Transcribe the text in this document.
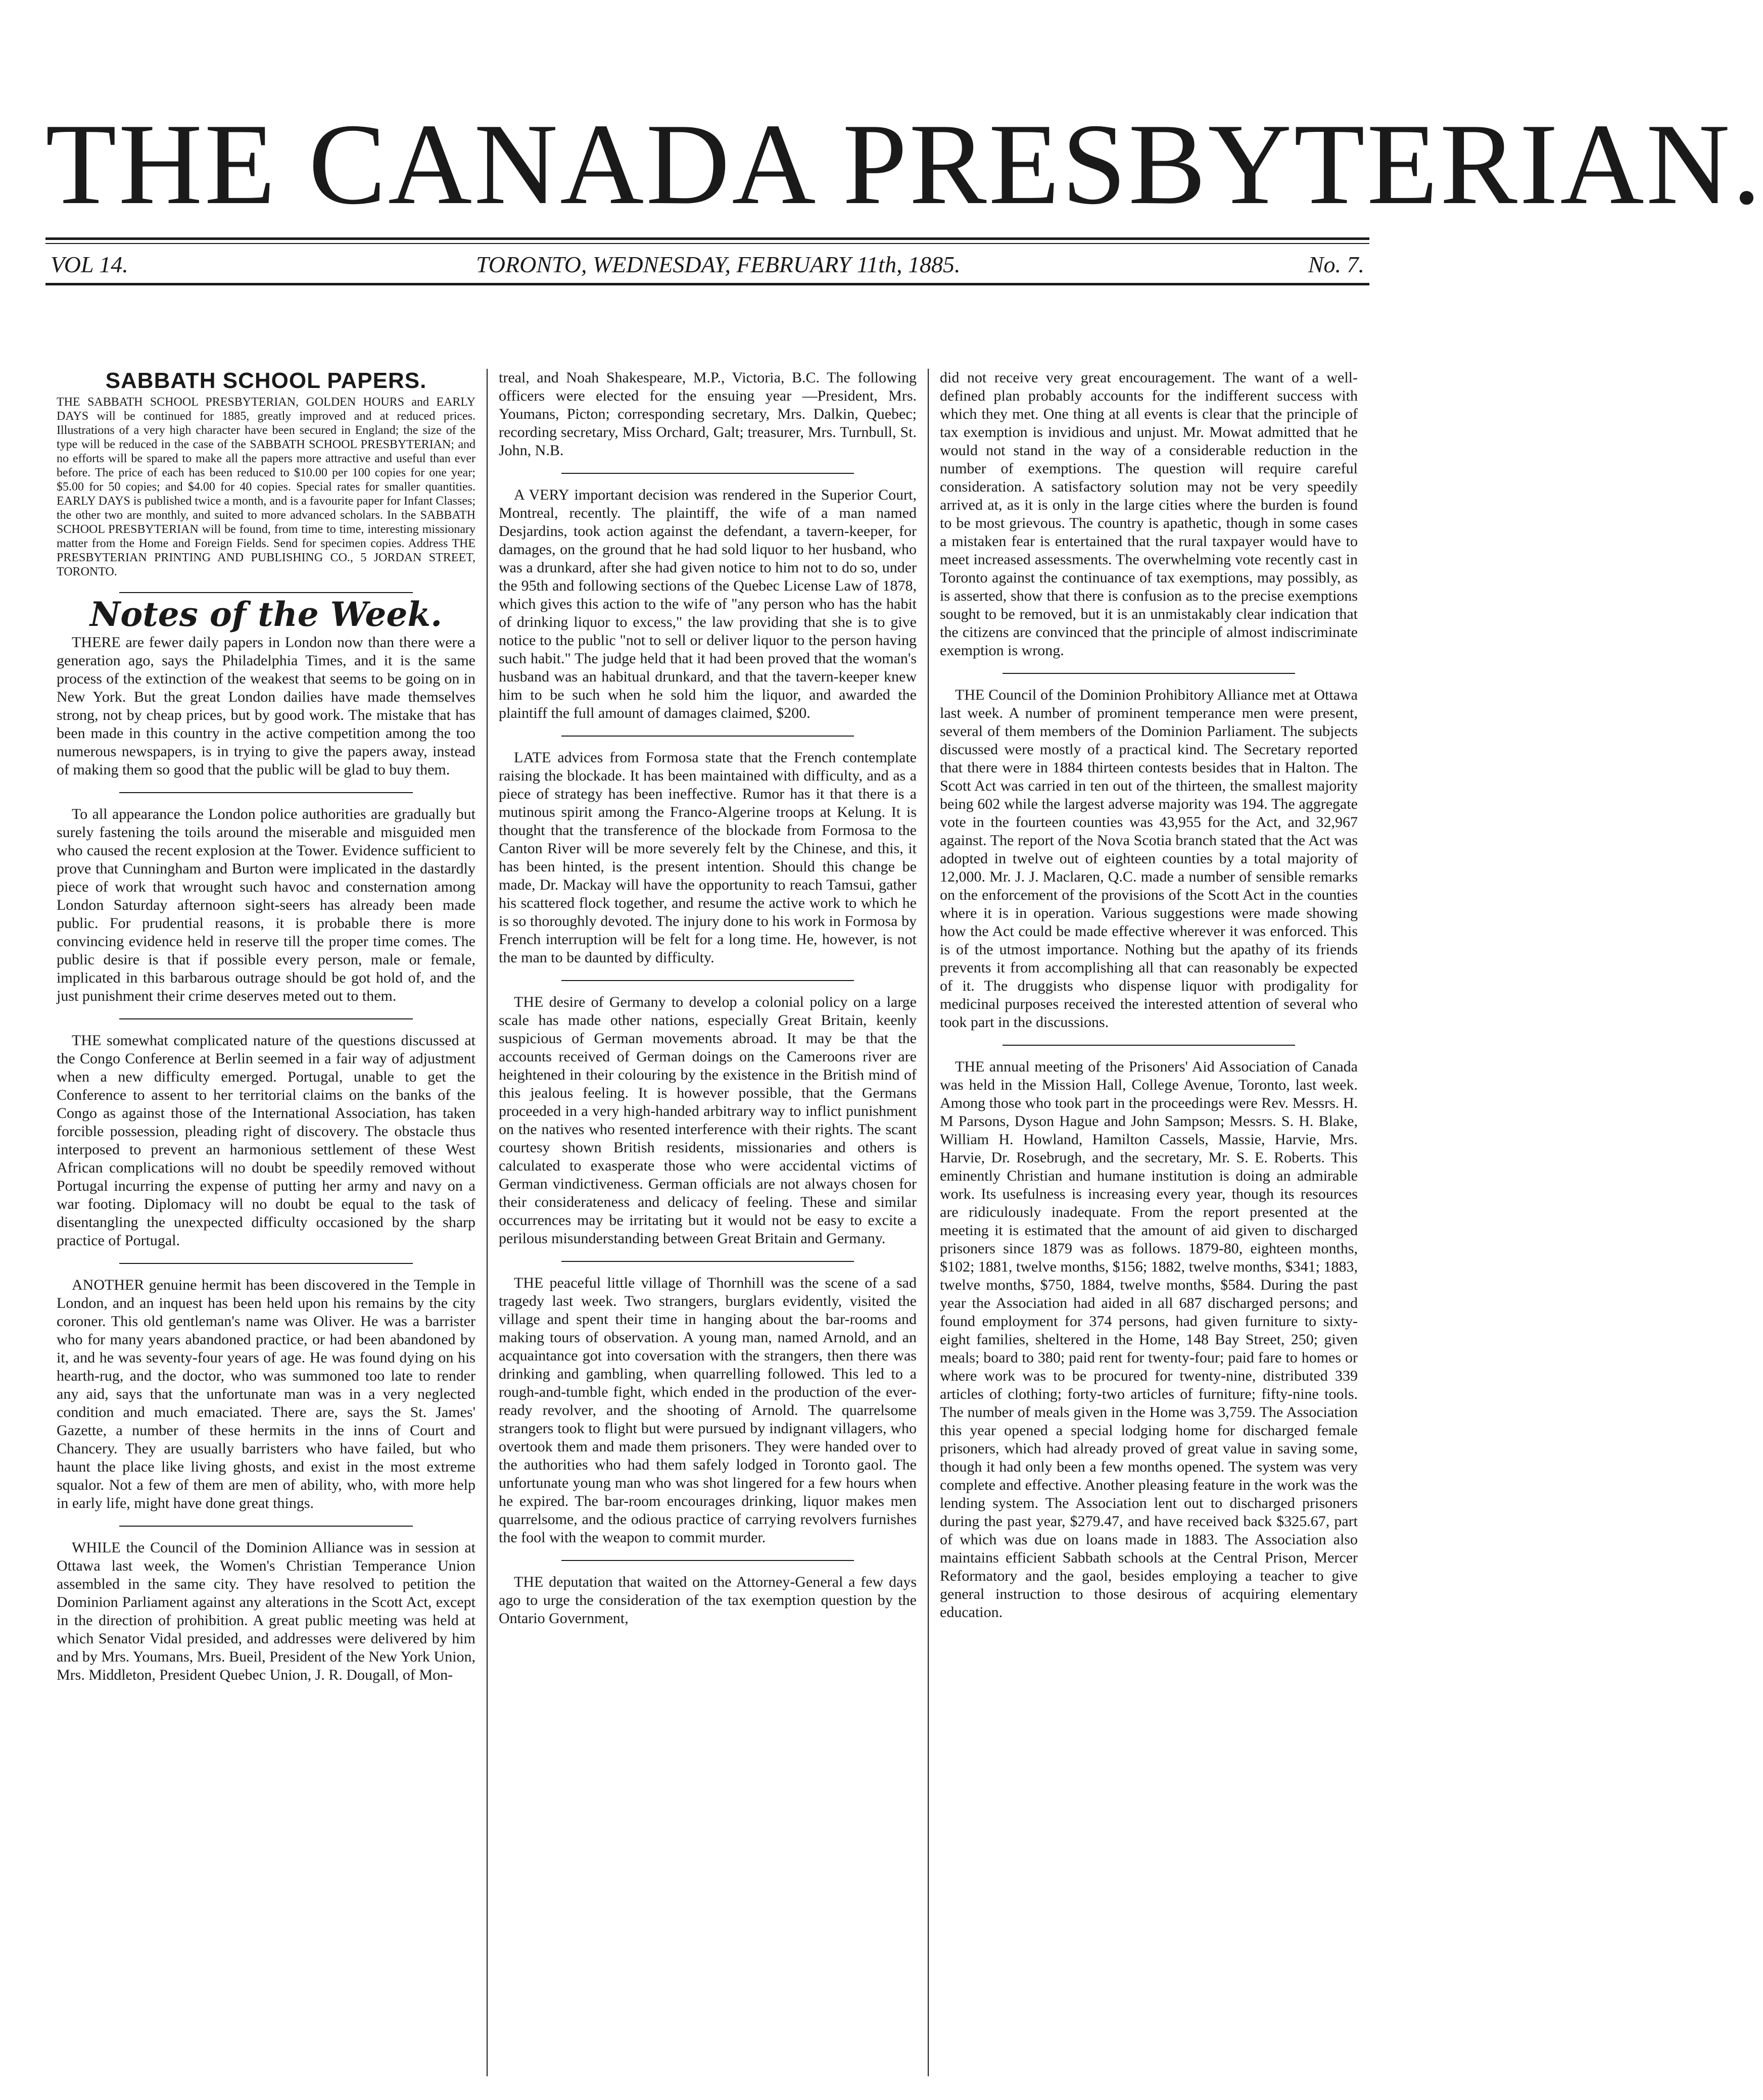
THE CANADA PRESBYTERIAN.
VOL 14.	TORONTO, WEDNESDAY, FEBRUARY 11th, 1885.	No. 7.
SABBATH SCHOOL PAPERS.

THE SABBATH SCHOOL PRESBYTERIAN, GOLDEN HOURS and EARLY DAYS will be continued for 1885, greatly improved and at reduced prices. Illustrations of a very high character have been secured in England; the size of the type will be reduced in the case of the SABBATH SCHOOL PRESBYTERIAN; and no efforts will be spared to make all the papers more attractive and useful than ever before. The price of each has been reduced to $10.00 per 100 copies for one year; $5.00 for 50 copies; and $4.00 for 40 copies. Special rates for smaller quantities. EARLY DAYS is published twice a month, and is a favourite paper for Infant Classes; the other two are monthly, and suited to more advanced scholars. In the SABBATH SCHOOL PRESBYTERIAN will be found, from time to time, interesting missionary matter from the Home and Foreign Fields. Send for specimen copies. Address THE PRESBYTERIAN PRINTING AND PUBLISHING CO., 5 JORDAN STREET, TORONTO.

Notes of the Week.

THERE are fewer daily papers in London now than there were a generation ago, says the Philadelphia Times, and it is the same process of the extinction of the weakest that seems to be going on in New York. But the great London dailies have made themselves strong, not by cheap prices, but by good work. The mistake that has been made in this country in the active competition among the too numerous newspapers, is in trying to give the papers away, instead of making them so good that the public will be glad to buy them.

To all appearance the London police authorities are gradually but surely fastening the toils around the miserable and misguided men who caused the recent explosion at the Tower. Evidence sufficient to prove that Cunningham and Burton were implicated in the dastardly piece of work that wrought such havoc and consternation among London Saturday afternoon sight-seers has already been made public. For prudential reasons, it is probable there is more convincing evidence held in reserve till the proper time comes. The public desire is that if possible every person, male or female, implicated in this barbarous outrage should be got hold of, and the just punishment their crime deserves meted out to them.

THE somewhat complicated nature of the questions discussed at the Congo Conference at Berlin seemed in a fair way of adjustment when a new difficulty emerged. Portugal, unable to get the Conference to assent to her territorial claims on the banks of the Congo as against those of the International Association, has taken forcible possession, pleading right of discovery. The obstacle thus interposed to prevent an harmonious settlement of these West African complications will no doubt be speedily removed without Portugal incurring the expense of putting her army and navy on a war footing. Diplomacy will no doubt be equal to the task of disentangling the unexpected difficulty occasioned by the sharp practice of Portugal.

ANOTHER genuine hermit has been discovered in the Temple in London, and an inquest has been held upon his remains by the city coroner. This old gentleman's name was Oliver. He was a barrister who for many years abandoned practice, or had been abandoned by it, and he was seventy-four years of age. He was found dying on his hearth-rug, and the doctor, who was summoned too late to render any aid, says that the unfortunate man was in a very neglected condition and much emaciated. There are, says the St. James' Gazette, a number of these hermits in the inns of Court and Chancery. They are usually barristers who have failed, but who haunt the place like living ghosts, and exist in the most extreme squalor. Not a few of them are men of ability, who, with more help in early life, might have done great things.

WHILE the Council of the Dominion Alliance was in session at Ottawa last week, the Women's Christian Temperance Union assembled in the same city. They have resolved to petition the Dominion Parliament against any alterations in the Scott Act, except in the direction of prohibition. A great public meeting was held at which Senator Vidal presided, and addresses were delivered by him and by Mrs. Youmans, Mrs. Bueil, President of the New York Union, Mrs. Middleton, President Quebec Union, J. R. Dougall, of Mon-

treal, and Noah Shakespeare, M.P., Victoria, B.C. The following officers were elected for the ensuing year —President, Mrs. Youmans, Picton; corresponding secretary, Mrs. Dalkin, Quebec; recording secretary, Miss Orchard, Galt; treasurer, Mrs. Turnbull, St. John, N.B.

A VERY important decision was rendered in the Superior Court, Montreal, recently. The plaintiff, the wife of a man named Desjardins, took action against the defendant, a tavern-keeper, for damages, on the ground that he had sold liquor to her husband, who was a drunkard, after she had given notice to him not to do so, under the 95th and following sections of the Quebec License Law of 1878, which gives this action to the wife of "any person who has the habit of drinking liquor to excess," the law providing that she is to give notice to the public "not to sell or deliver liquor to the person having such habit." The judge held that it had been proved that the woman's husband was an habitual drunkard, and that the tavern-keeper knew him to be such when he sold him the liquor, and awarded the plaintiff the full amount of damages claimed, $200.

LATE advices from Formosa state that the French contemplate raising the blockade. It has been maintained with difficulty, and as a piece of strategy has been ineffective. Rumor has it that there is a mutinous spirit among the Franco-Algerine troops at Kelung. It is thought that the transference of the blockade from Formosa to the Canton River will be more severely felt by the Chinese, and this, it has been hinted, is the present intention. Should this change be made, Dr. Mackay will have the opportunity to reach Tamsui, gather his scattered flock together, and resume the active work to which he is so thoroughly devoted. The injury done to his work in Formosa by French interruption will be felt for a long time. He, however, is not the man to be daunted by difficulty.

THE desire of Germany to develop a colonial policy on a large scale has made other nations, especially Great Britain, keenly suspicious of German movements abroad. It may be that the accounts received of German doings on the Cameroons river are heightened in their colouring by the existence in the British mind of this jealous feeling. It is however possible, that the Germans proceeded in a very high-handed arbitrary way to inflict punishment on the natives who resented interference with their rights. The scant courtesy shown British residents, missionaries and others is calculated to exasperate those who were accidental victims of German vindictiveness. German officials are not always chosen for their considerateness and delicacy of feeling. These and similar occurrences may be irritating but it would not be easy to excite a perilous misunderstanding between Great Britain and Germany.

THE peaceful little village of Thornhill was the scene of a sad tragedy last week. Two strangers, burglars evidently, visited the village and spent their time in hanging about the bar-rooms and making tours of observation. A young man, named Arnold, and an acquaintance got into coversation with the strangers, then there was drinking and gambling, when quarrelling followed. This led to a rough-and-tumble fight, which ended in the production of the ever-ready revolver, and the shooting of Arnold. The quarrelsome strangers took to flight but were pursued by indignant villagers, who overtook them and made them prisoners. They were handed over to the authorities who had them safely lodged in Toronto gaol. The unfortunate young man who was shot lingered for a few hours when he expired. The bar-room encourages drinking, liquor makes men quarrelsome, and the odious practice of carrying revolvers furnishes the fool with the weapon to commit murder.

THE deputation that waited on the Attorney-General a few days ago to urge the consideration of the tax exemption question by the Ontario Government,

did not receive very great encouragement. The want of a well-defined plan probably accounts for the indifferent success with which they met. One thing at all events is clear that the principle of tax exemption is invidious and unjust. Mr. Mowat admitted that he would not stand in the way of a considerable reduction in the number of exemptions. The question will require careful consideration. A satisfactory solution may not be very speedily arrived at, as it is only in the large cities where the burden is found to be most grievous. The country is apathetic, though in some cases a mistaken fear is entertained that the rural taxpayer would have to meet increased assessments. The overwhelming vote recently cast in Toronto against the continuance of tax exemptions, may possibly, as is asserted, show that there is confusion as to the precise exemptions sought to be removed, but it is an unmistakably clear indication that the citizens are convinced that the principle of almost indiscriminate exemption is wrong.

THE Council of the Dominion Prohibitory Alliance met at Ottawa last week. A number of prominent temperance men were present, several of them members of the Dominion Parliament. The subjects discussed were mostly of a practical kind. The Secretary reported that there were in 1884 thirteen contests besides that in Halton. The Scott Act was carried in ten out of the thirteen, the smallest majority being 602 while the largest adverse majority was 194. The aggregate vote in the fourteen counties was 43,955 for the Act, and 32,967 against. The report of the Nova Scotia branch stated that the Act was adopted in twelve out of eighteen counties by a total majority of 12,000. Mr. J. J. Maclaren, Q.C. made a number of sensible remarks on the enforcement of the provisions of the Scott Act in the counties where it is in operation. Various suggestions were made showing how the Act could be made effective wherever it was enforced. This is of the utmost importance. Nothing but the apathy of its friends prevents it from accomplishing all that can reasonably be expected of it. The druggists who dispense liquor with prodigality for medicinal purposes received the interested attention of several who took part in the discussions.

THE annual meeting of the Prisoners' Aid Association of Canada was held in the Mission Hall, College Avenue, Toronto, last week. Among those who took part in the proceedings were Rev. Messrs. H. M Parsons, Dyson Hague and John Sampson; Messrs. S. H. Blake, William H. Howland, Hamilton Cassels, Massie, Harvie, Mrs. Harvie, Dr. Rosebrugh, and the secretary, Mr. S. E. Roberts. This eminently Christian and humane institution is doing an admirable work. Its usefulness is increasing every year, though its resources are ridiculously inadequate. From the report presented at the meeting it is estimated that the amount of aid given to discharged prisoners since 1879 was as follows. 1879-80, eighteen months, $102; 1881, twelve months, $156; 1882, twelve months, $341; 1883, twelve months, $750, 1884, twelve months, $584. During the past year the Association had aided in all 687 discharged persons; and found employment for 374 persons, had given furniture to sixty-eight families, sheltered in the Home, 148 Bay Street, 250; given meals; board to 380; paid rent for twenty-four; paid fare to homes or where work was to be procured for twenty-nine, distributed 339 articles of clothing; forty-two articles of furniture; fifty-nine tools. The number of meals given in the Home was 3,759. The Association this year opened a special lodging home for discharged female prisoners, which had already proved of great value in saving some, though it had only been a few months opened. The system was very complete and effective. Another pleasing feature in the work was the lending system. The Association lent out to discharged prisoners during the past year, $279.47, and have received back $325.67, part of which was due on loans made in 1883. The Association also maintains efficient Sabbath schools at the Central Prison, Mercer Reformatory and the gaol, besides employing a teacher to give general instruction to those desirous of acquiring elementary education.
